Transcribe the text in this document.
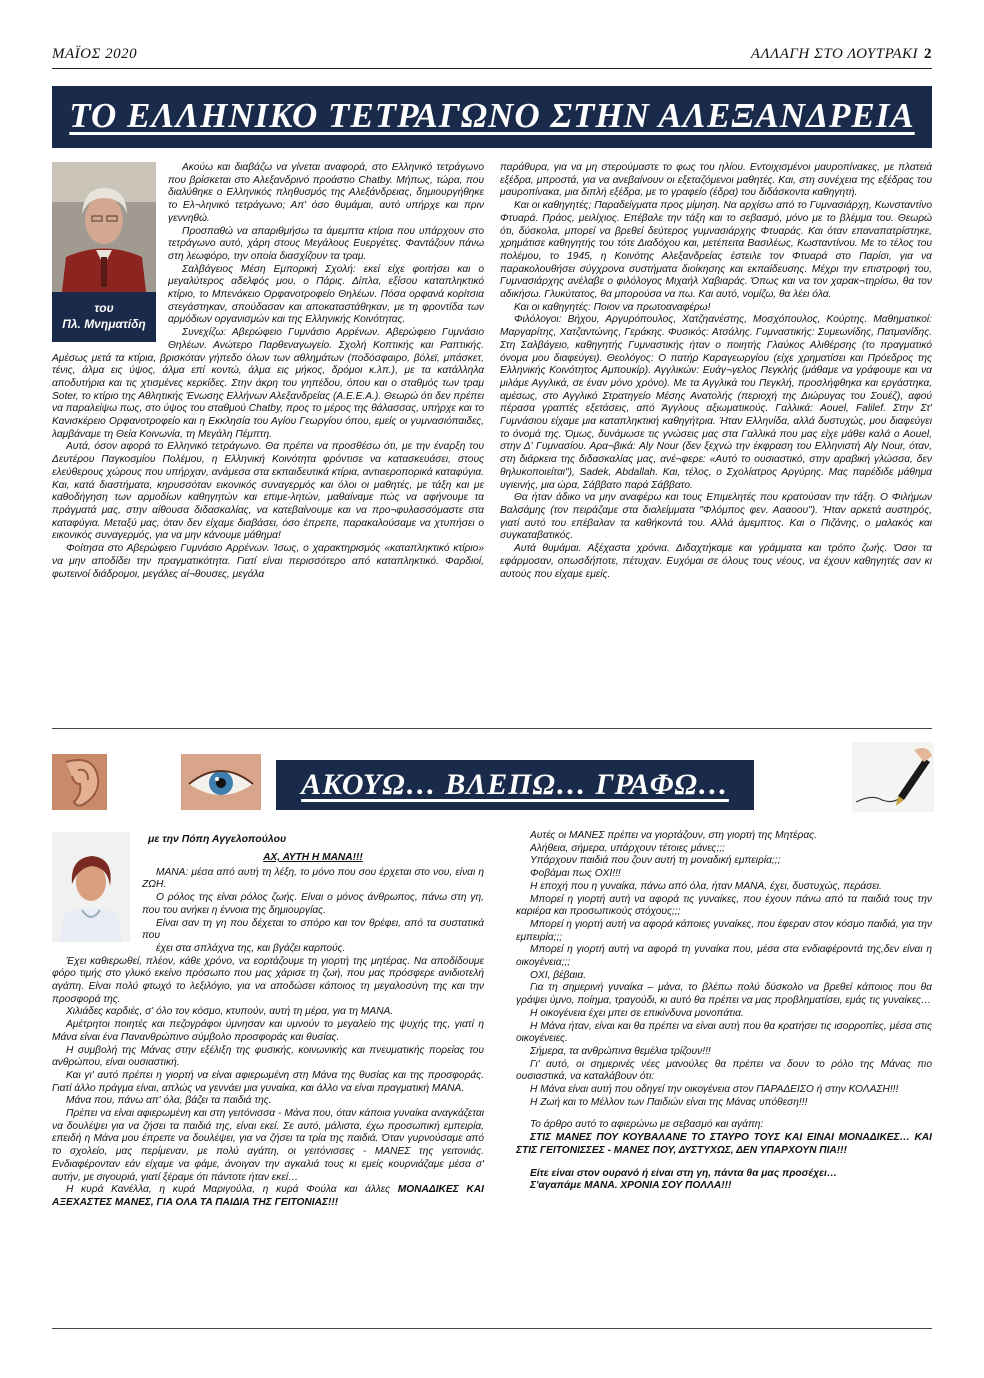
ΜΑΪΟΣ 2020	ΑΛΛΑΓΗ ΣΤΟ ΛΟΥΤΡΑΚΙ 2
ΤΟ ΕΛΛΗΝΙΚΟ ΤΕΤΡΑΓΩΝΟ ΣΤΗΝ ΑΛΕΞΑΝΔΡΕΙΑ
του
Πλ. Μνηματίδη

Ακούω και διαβάζω να γίνεται αναφορά, στο Ελληνικό τετράγωνο που βρίσκεται στο Αλεξανδρινό προάστιο Chatby. Μήπως, τώρα, που διαλύθηκε ο Ελληνικός πληθυσμός της Αλεξάνδρειας, δημιουργήθηκε το Ελ¬ληνικό τετράγωνο; Απ' όσο θυμάμαι, αυτό υπήρχε και πριν γεννηθώ.

Προσπαθώ να απαριθμήσω τα άμεμπτα κτίρια που υπάρχουν στο τετράγωνο αυτό, χάρη στους Μεγάλους Ευεργέτες. Φαντάζουν πάνω στη λεωφόρο, την οποία διασχίζουν τα τραμ.

Σαλβάγειος Μέση Εμπορική Σχολή: εκεί είχε φοιτήσει και ο μεγαλύτερος αδελφός μου, ο Πάρις. Δίπλα, εξίσου καταπληκτικό κτίριο, το Μπενάκειο Ορφανοτροφείο Θηλέων. Πόσα ορφανά κορίτσια στεγάστηκαν, σπούδασαν και αποκαταστάθηκαν, με τη φροντίδα των αρμόδιων οργανισμών και της Ελληνικής Κοινότητας.

Συνεχίζω: Αβερώφειο Γυμνάσιο Αρρένων. Αβερώφειο Γυμνάσιο Θηλέων. Ανώτερο Παρθεναγωγείο. Σχολή Κοπτικής και Ραπτικής. Αμέσως μετά τα κτίρια, βρισκόταν γήπεδο όλων των αθλημάτων (ποδόσφαιρο, βόλεϊ, μπάσκετ, τένις, άλμα εις ύψος, άλμα επί κοντώ, άλμα εις μήκος, δρόμοι κ.λπ.), με τα κατάλληλα αποδυτήρια και τις χτισμένες κερκίδες. Στην άκρη του γηπέδου, όπου και ο σταθμός των τραμ Soter, το κτίριο της Αθλητικής Ένωσης Ελλήνων Αλεξανδρείας (Α.Ε.Ε.Α.). Θεωρώ ότι δεν πρέπει να παραλείψω πως, στο ύψος του σταθμού Chatby, προς το μέρος της θάλασσας, υπήρχε και το Κανισκέρειο Ορφανοτροφείο και η Εκκλησία του Αγίου Γεωργίου όπου, εμείς οι γυμνασιόπαιδες, λαμβάναμε τη Θεία Κοινωνία, τη Μεγάλη Πέμπτη.

Αυτά, όσον αφορά το Ελληνικό τετράγωνο. Θα πρέπει να προσθέσω ότι, με την έναρξη του Δευτέρου Παγκοσμίου Πολέμου, η Ελληνική Κοινότητα φρόντισε να κατασκευάσει, στους ελεύθερους χώρους που υπήρχαν, ανάμεσα στα εκπαιδευτικά κτίρια, αντιαεροπορικά καταφύγια. Και, κατά διαστήματα, κηρυσσόταν εικονικός συναγερμός και όλοι οι μαθητές, με τάξη και με καθοδήγηση των αρμοδίων καθηγητών και επιμε-λητών, μαθαίναμε πώς να αφήνουμε τα πράγματά μας, στην αίθουσα διδασκαλίας, να κατεβαίνουμε και να προ¬φυλασσόμαστε στα καταφύγια. Μεταξύ μας, όταν δεν είχαμε διαβάσει, όσο έπρεπε, παρακαλούσαμε να χτυπήσει ο εικονικός συναγερμός, για να μην κάνουμε μάθημα!

Φοίτησα στο Αβερώφειο Γυμνάσιο Αρρένων. Ίσως, ο χαρακτηρισμός «καταπληκτικό κτίριο» να μην αποδίδει την πραγματικότητα. Γιατί είναι περισσότερο από καταπληκτικό. Φαρδιοί, φωτεινοί διάδρομοι, μεγάλες αί¬θουσες, μεγάλα

παράθυρα, για να μη στερούμαστε το φως του ηλίου. Εντοιχισμένοι μαυροπίνακες, με πλατειά εξέδρα, μπροστά, για να ανεβαίνουν οι εξεταζόμενοι μαθητές. Και, στη συνέχεια της εξέδρας του μαυροπίνακα, μια διπλή εξέδρα, με το γραφείο (έδρα) του διδάσκοντα καθηγητή.

Και οι καθηγητές; Παραδείγματα προς μίμηση. Να αρχίσω από το Γυμνασιάρχη, Κωνσταντίνο Φτυαρά. Πράος, μειλίχιος. Επέβαλε την τάξη και το σεβασμό, μόνο με το βλέμμα του. Θεωρώ ότι, δύσκολα, μπορεί να βρεθεί δεύτερος γυμνασιάρχης Φτυαράς. Και όταν επαναπατρίστηκε, χρημάτισε καθηγητής του τότε Διαδόχου και, μετέπειτα Βασιλέως, Κωσταντίνου. Με το τέλος του πολέμου, το 1945, η Κοινότης Αλεξανδρείας έστειλε τον Φτυαρά στο Παρίσι, για να παρακολουθήσει σύγχρονα συστήματα διοίκησης και εκπαίδευσης. Μέχρι την επιστροφή του, Γυμνασιάρχης ανέλαβε ο φιλόλογος Μιχαήλ Χαβιαράς. Όπως και να τον χαρακ¬τηρίσω, θα τον αδικήσω. Γλυκύτατος, θα μπορούσα να πω. Και αυτό, νομίζω, θα λέει όλα.

Και οι καθηγητές: Ποιον να πρωτοαναφέρω!

Φιλόλογοι: Βήχου, Αργυρόπουλος, Χατζηανέστης, Μοσχόπουλος, Κούρτης. Μαθηματικοί: Μαργαρίτης, Χατζαντώνης, Γεράκης. Φυσικός: Ατσάλης. Γυμναστικής: Συμεωνίδης, Πατμανίδης. Στη Σαλβάγειο, καθηγητής Γυμναστικής ήταν ο ποιητής Γλαύκος Αλιθέρσης (το πραγματικό όνομα μου διαφεύγει). Θεολόγος: Ο πατήρ Καραγεωργίου (είχε χρηματίσει και Πρόεδρος της Ελληνικής Κοινότητος Αμπουκίρ). Αγγλικών: Ευάγ¬γελος Πεγκλής (μάθαμε να γράφουμε και να μιλάμε Αγγλικά, σε έναν μόνο χρόνο). Με τα Αγγλικά του Πεγκλή, προσλήφθηκα και εργάστηκα, αμέσως, στο Αγγλικό Στρατηγείο Μέσης Ανατολής (περιοχή της Διώρυγας του Σουέζ), αφού πέρασα γραπτές εξετάσεις, από Άγγλους αξιωματικούς. Γαλλικά: Aouel, Falilef. Στην Στ' Γυμνάσιου είχαμε μια καταπληκτική καθηγήτρια. Ήταν Ελληνίδα, αλλά δυστυχώς, μου διαφεύγει το όνομά της. Όμως, δυνάμωσε τις γνώσεις μας στα Γαλλικά που μας είχε μάθει καλά ο Aouel, στην Δ' Γυμνασίου. Αρα¬βικά: Aly Nour (δεν ξεχνώ την έκφραση του Ελληνιστή Aly Nour, όταν, στη διάρκεια της διδασκαλίας μας, ανέ¬φερε: «Αυτό το ουσιαστικό, στην αραβική γλώσσα, δεν θηλυκοποιείται"), Sadek, Abdallah. Και, τέλος, ο Σχολίατρος Αργύρης. Μας παρέδιδε μάθημα υγιεινής, μια ώρα, Σάββατο παρά Σάββατο.

Θα ήταν άδικο να μην αναφέρω και τους Επιμελητές που κρατούσαν την τάξη. Ο Φιλήμων Βαλσάμης (τον πειράζαμε στα διαλείμματα "Φλόμπος φεν. Αααοου"). Ήταν αρκετά αυστηρός, γιατί αυτό του επέβαλαν τα καθήκοντά του. Αλλά άμεμπτος. Και ο Πιζάνης, ο μαλακός και συγκαταβατικός.

Αυτά θυμάμαι. Αξέχαστα χρόνια. Διδαχτήκαμε και γράμματα και τρόπο ζωής. Όσοι τα εφάρμοσαν, οπωσδήποτε, πέτυχαν. Ευχόμαι σε όλους τους νέους, να έχουν καθηγητές σαν κι αυτούς που είχαμε εμείς.

ΑΚΟΥΩ… ΒΛΕΠΩ… ΓΡΑΦΩ…
με την Πόπη Αγγελοπούλου
ΑΧ, ΑΥΤΗ Η ΜΑΝΑ!!!

ΜΑΝΑ: μέσα από αυτή τη λέξη, το μόνο που σου έρχεται στο νου, είναι η ΖΩΗ.

Ο ρόλος της είναι ρόλος ζωής. Είναι ο μόνος άνθρωπος, πάνω στη γη, που του ανήκει η έννοια της δημιουργίας.

Είναι σαν τη γη που δέχεται το σπόρο και τον θρέφει, από τα συστατικά που

έχει στα σπλάχνα της, και βγάζει καρπούς.

Έχει καθιερωθεί, πλέον, κάθε χρόνο, να εορτάζουμε τη γιορτή της μητέρας. Να αποδίδουμε φόρο τιμής στο γλυκό εκείνο πρόσωπο που μας χάρισε τη ζωή, που μας πρόσφερε ανιδιοτελή αγάπη. Είναι πολύ φτωχό το λεξιλόγιο, για να αποδώσει κάποιος τη μεγαλοσύνη της και την προσφορά της.

Χιλιάδες καρδιές, σ' όλο τον κόσμο, κτυπούν, αυτή τη μέρα, για τη ΜΑΝΑ.

Αμέτρητοι ποιητές και πεζογράφοι ύμνησαν και υμνούν το μεγαλείο της ψυχής της, γιατί η Μάνα είναι ένα Πανανθρώπινο σύμβολο προσφοράς και θυσίας.

Η συμβολή της Μάνας στην εξέλιξη της φυσικής, κοινωνικής και πνευματικής πορείας του ανθρώπου, είναι ουσιαστική.

Και γι' αυτό πρέπει η γιορτή να είναι αφιερωμένη στη Μάνα της θυσίας και της προσφοράς. Γιατί άλλο πράγμα είναι, απλώς να γεννάει μια γυναίκα, και άλλο να είναι πραγματική ΜΑΝΑ.

Μάνα που, πάνω απ' όλα, βάζει τα παιδιά της.

Πρέπει να είναι αφιερωμένη και στη γειτόνισσα - Μάνα που, όταν κάποια γυναίκα αναγκάζεται να δουλέψει για να ζήσει τα παιδιά της, είναι εκεί. Σε αυτό, μάλιστα, έχω προσωπική εμπειρία, επειδή η Μάνα μου έπρεπε να δουλέψει, για να ζήσει τα τρία της παιδιά. Όταν γυρνούσαμε από το σχολείο, μας περίμεναν, με πολύ αγάπη, οι γειτόνισσες - ΜΑΝΕΣ της γειτονιάς. Ενδιαφέρονταν εάν είχαμε να φάμε, άνοιγαν την αγκαλιά τους κι εμείς κουρνιάζαμε μέσα σ' αυτήν, με σιγουριά, γιατί ξέραμε ότι πάντοτε ήταν εκεί…

Η κυρά Κανέλλα, η κυρά Μαριγούλα, η κυρά Φούλα και άλλες ΜΟΝΑΔΙΚΕΣ ΚΑΙ ΑΞΕΧΑΣΤΕΣ ΜΑΝΕΣ, ΓΙΑ ΟΛΑ ΤΑ ΠΑΙΔΙΑ ΤΗΣ ΓΕΙΤΟΝΙΑΣ!!!

Αυτές οι ΜΑΝΕΣ πρέπει να γιορτάζουν, στη γιορτή της Μητέρας.

Αλήθεια, σήμερα, υπάρχουν τέτοιες μάνες;;;

Υπάρχουν παιδιά που ζουν αυτή τη μοναδική εμπειρία;;;

Φοβάμαι πως ΟΧΙ!!!

Η εποχή που η γυναίκα, πάνω από όλα, ήταν ΜΑΝΑ, έχει, δυστυχώς, περάσει.

Μπορεί η γιορτή αυτή να αφορά τις γυναίκες, που έχουν πάνω από τα παιδιά τους την καριέρα και προσωπικούς στόχους;;;

Μπορεί η γιορτή αυτή να αφορά κάποιες γυναίκες, που έφεραν στον κόσμο παιδιά, για την εμπειρία;;;

Μπορεί η γιορτή αυτή να αφορά τη γυναίκα που, μέσα στα ενδιαφέροντά της,δεν είναι η οικογένεια;;;

ΟΧΙ, βέβαια.

Για τη σημερινή γυναίκα – μάνα, το βλέπω πολύ δύσκολο να βρεθεί κάποιος που θα γράψει ύμνο, ποίημα, τραγούδι, κι αυτό θα πρέπει να μας προβληματίσει, εμάς τις γυναίκες…

Η οικογένεια έχει μπει σε επικίνδυνα μονοπάτια.

Η Μάνα ήταν, είναι και θα πρέπει να είναι αυτή που θα κρατήσει τις ισορροπίες, μέσα στις οικογένειες.

Σήμερα, τα ανθρώπινα θεμέλια τρίζουν!!!

Γι' αυτό, οι σημερινές νέες μανούλες θα πρέπει να δουν το ρόλο της Μάνας πιο ουσιαστικά, να καταλάβουν ότι:

Η Μάνα είναι αυτή που οδηγεί την οικογένεια στον ΠΑΡΑΔΕΙΣΟ ή στην ΚΟΛΑΣΗ!!!

Η Ζωή και το Μέλλον των Παιδιών είναι της Μάνας υπόθεση!!!

Το άρθρο αυτό το αφιερώνω με σεβασμό και αγάπη:

ΣΤΙΣ ΜΑΝΕΣ ΠΟΥ ΚΟΥΒΑΛΑΝΕ ΤΟ ΣΤΑΥΡΟ ΤΟΥΣ ΚΑΙ ΕΙΝΑΙ ΜΟΝΑΔΙΚΕΣ… ΚΑΙ ΣΤΙΣ ΓΕΙΤΟΝΙΣΣΕΣ - ΜΑΝΕΣ ΠΟΥ, ΔΥΣΤΥΧΩΣ, ΔΕΝ ΥΠΑΡΧΟΥΝ ΠΙΑ!!!

Είτε είναι στον ουρανό ή είναι στη γη, πάντα θα μας προσέχει…

Σ'αγαπάμε ΜΑΝΑ. ΧΡΟΝΙΑ ΣΟΥ ΠΟΛΛΑ!!!
